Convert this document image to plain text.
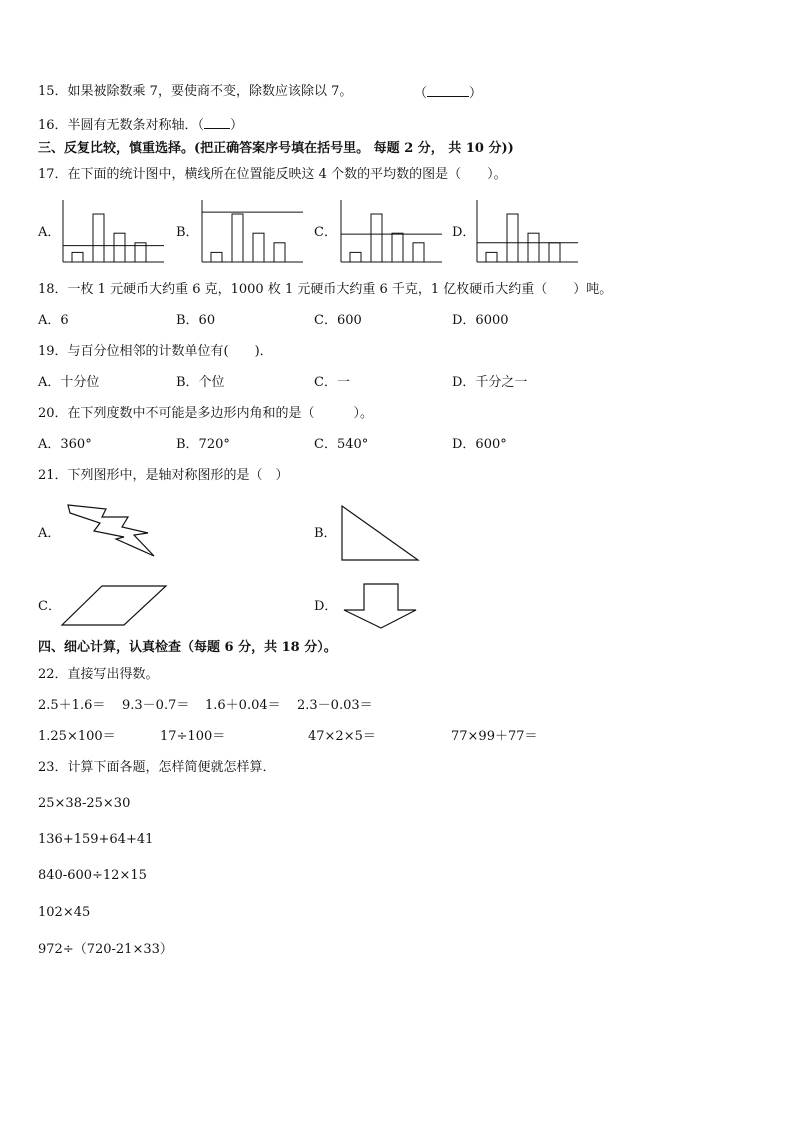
15．如果被除数乘 7，要使商不变，除数应该除以 7。	（	）
16．半圆有无数条对称轴．（ ）
三、反复比较，慎重选择。(把正确答案序号填在括号里。 每题 2 分， 共 10 分))
17．在下面的统计图中，横线所在位置能反映这 4 个数的平均数的图是（　　）。
A．	B．	C．	D．
18．一枚 1 元硬币大约重 6 克，1000 枚 1 元硬币大约重 6 千克，1 亿枚硬币大约重（　　）吨。
A．6	B．60	C．600	D．6000
19．与百分位相邻的计数单位有(　　)．
A．十分位	B．个位	C．一	D．千分之一
20．在下列度数中不可能是多边形内角和的是（　　　）。
A．360°	B．720°	C．540°	D．600°
21．下列图形中，是轴对称图形的是（　）
A．	B．
C．	D．
四、细心计算，认真检查（每题 6 分，共 18 分）。
22．直接写出得数。
2.5＋1.6＝ 9.3－0.7＝ 1.6＋0.04＝ 2.3－0.03＝
1.25×100＝	17÷100＝	47×2×5＝	77×99＋77＝
23．计算下面各题，怎样简便就怎样算．
25×38-25×30
136+159+64+41
840-600÷12×15
102×45
972÷（720-21×33）
